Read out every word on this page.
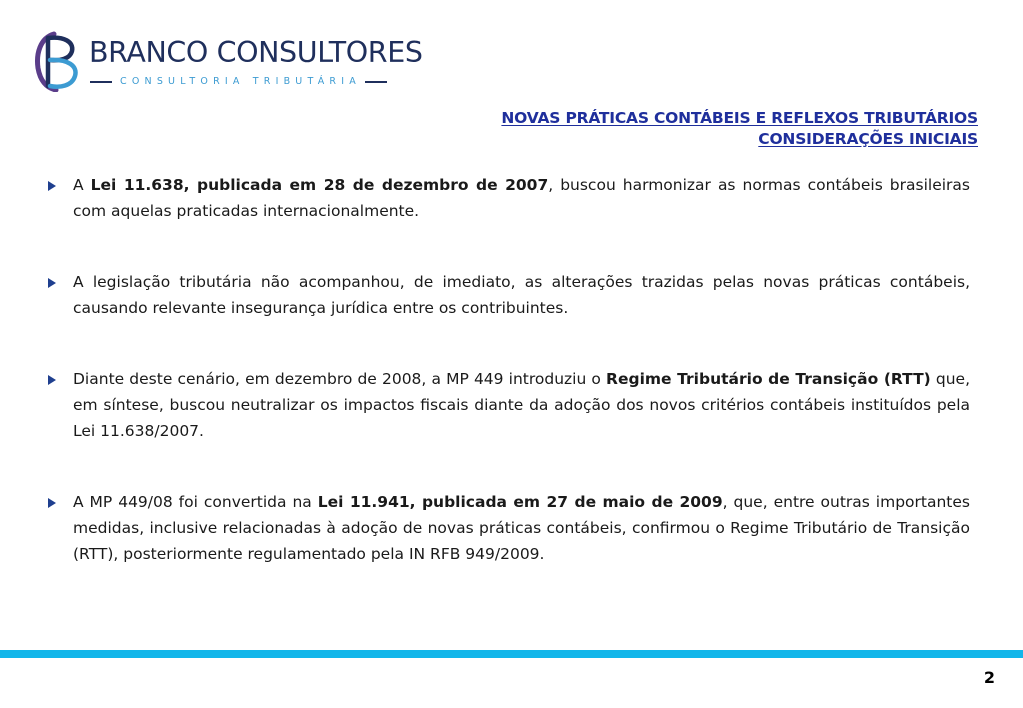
BRANCO CONSULTORES
CONSULTORIA TRIBUTÁRIA
NOVAS PRÁTICAS CONTÁBEIS E REFLEXOS TRIBUTÁRIOS
CONSIDERAÇÕES INICIAIS
A Lei 11.638, publicada em 28 de dezembro de 2007, buscou harmonizar as normas contábeis brasileiras com aquelas praticadas internacionalmente.
A legislação tributária não acompanhou, de imediato, as alterações trazidas pelas novas práticas contábeis, causando relevante insegurança jurídica entre os contribuintes.
Diante deste cenário, em dezembro de 2008, a MP 449 introduziu o Regime Tributário de Transição (RTT) que, em síntese, buscou neutralizar os impactos fiscais diante da adoção dos novos critérios contábeis instituídos pela Lei 11.638/2007.
A MP 449/08 foi convertida na Lei 11.941, publicada em 27 de maio de 2009, que, entre outras importantes medidas, inclusive relacionadas à adoção de novas práticas contábeis, confirmou o Regime Tributário de Transição (RTT), posteriormente regulamentado pela IN RFB 949/2009.
2
